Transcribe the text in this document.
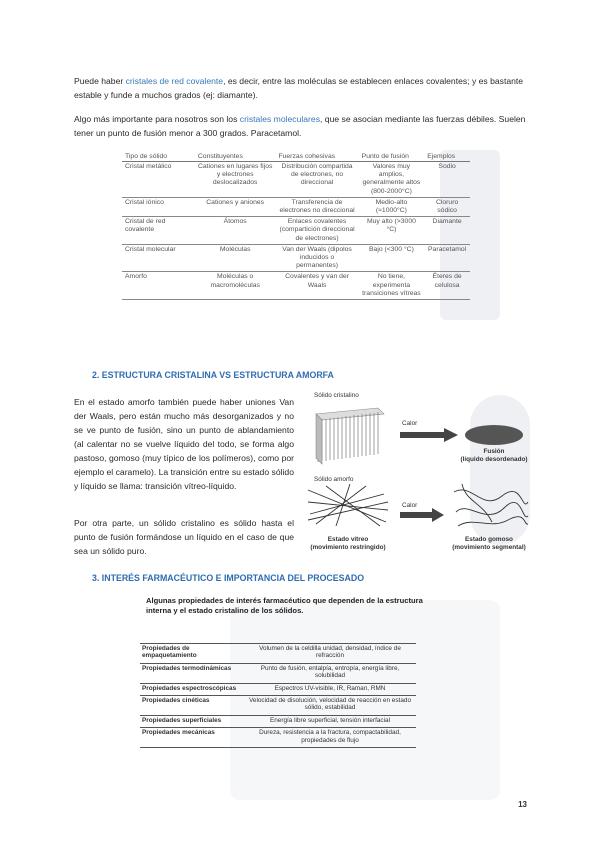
Puede haber cristales de red covalente, es decir, entre las moléculas se establecen enlaces covalentes; y es bastante estable y funde a muchos grados (ej: diamante).
Algo más importante para nosotros son los cristales moleculares, que se asocian mediante las fuerzas débiles. Suelen tener un punto de fusión menor a 300 grados. Paracetamol.
Tipo de sólido	Constituyentes	Fuerzas cohesivas	Punto de fusión	Ejemplos
Cristal metálico	Cationes en lugares fijos y electrones deslocalizados	Distribución compartida de electrones, no direccional	Valores muy amplios, generalmente altos (800-2000°C)	Sodio
Cristal iónico	Cationes y aniones	Transferencia de electrones no direccional	Medio-alto (≈1000°C)	Cloruro sódico
Cristal de red covalente	Átomos	Enlaces covalentes (compartición direccional de electrones)	Muy alto (>3000 °C)	Diamante
Cristal molecular	Moléculas	Van der Waals (dipolos inducidos o permanentes)	Bajo (<300 °C)	Paracetamol
Amorfo	Moléculas o macromoléculas	Covalentes y van der Waals	No tiene, experimenta transiciones vítreas	Éteres de celulosa
2. ESTRUCTURA CRISTALINA VS ESTRUCTURA AMORFA
En el estado amorfo también puede haber uniones Van der Waals, pero están mucho más desorganizados y no se ve punto de fusión, sino un punto de ablandamiento (al calentar no se vuelve líquido del todo, se forma algo pastoso, gomoso (muy típico de los polímeros), como por ejemplo el caramelo). La transición entre su estado sólido y líquido se llama: transición vítreo-líquido.
Por otra parte, un sólido cristalino es sólido hasta el punto de fusión formándose un líquido en el caso de que sea un sólido puro.
Sólido cristalino
Sólido amorfo
Calor
Calor
Fusión
(líquido desordenado)
Estado vítreo
(movimiento restringido)
Estado gomoso
(movimiento segmental)
3. INTERÉS FARMACÉUTICO E IMPORTANCIA DEL PROCESADO
Algunas propiedades de interés farmacéutico que dependen de la estructura interna y el estado cristalino de los sólidos.
Propiedades de empaquetamiento	Volumen de la celdilla unidad, densidad, índice de refracción
Propiedades termodinámicas	Punto de fusión, entalpía, entropía, energía libre, solubilidad
Propiedades espectroscópicas	Espectros UV-visible, IR, Raman, RMN
Propiedades cinéticas	Velocidad de disolución, velocidad de reacción en estado sólido, estabilidad
Propiedades superficiales	Energía libre superficial, tensión interfacial
Propiedades mecánicas	Dureza, resistencia a la fractura, compactabilidad, propiedades de flujo
13
